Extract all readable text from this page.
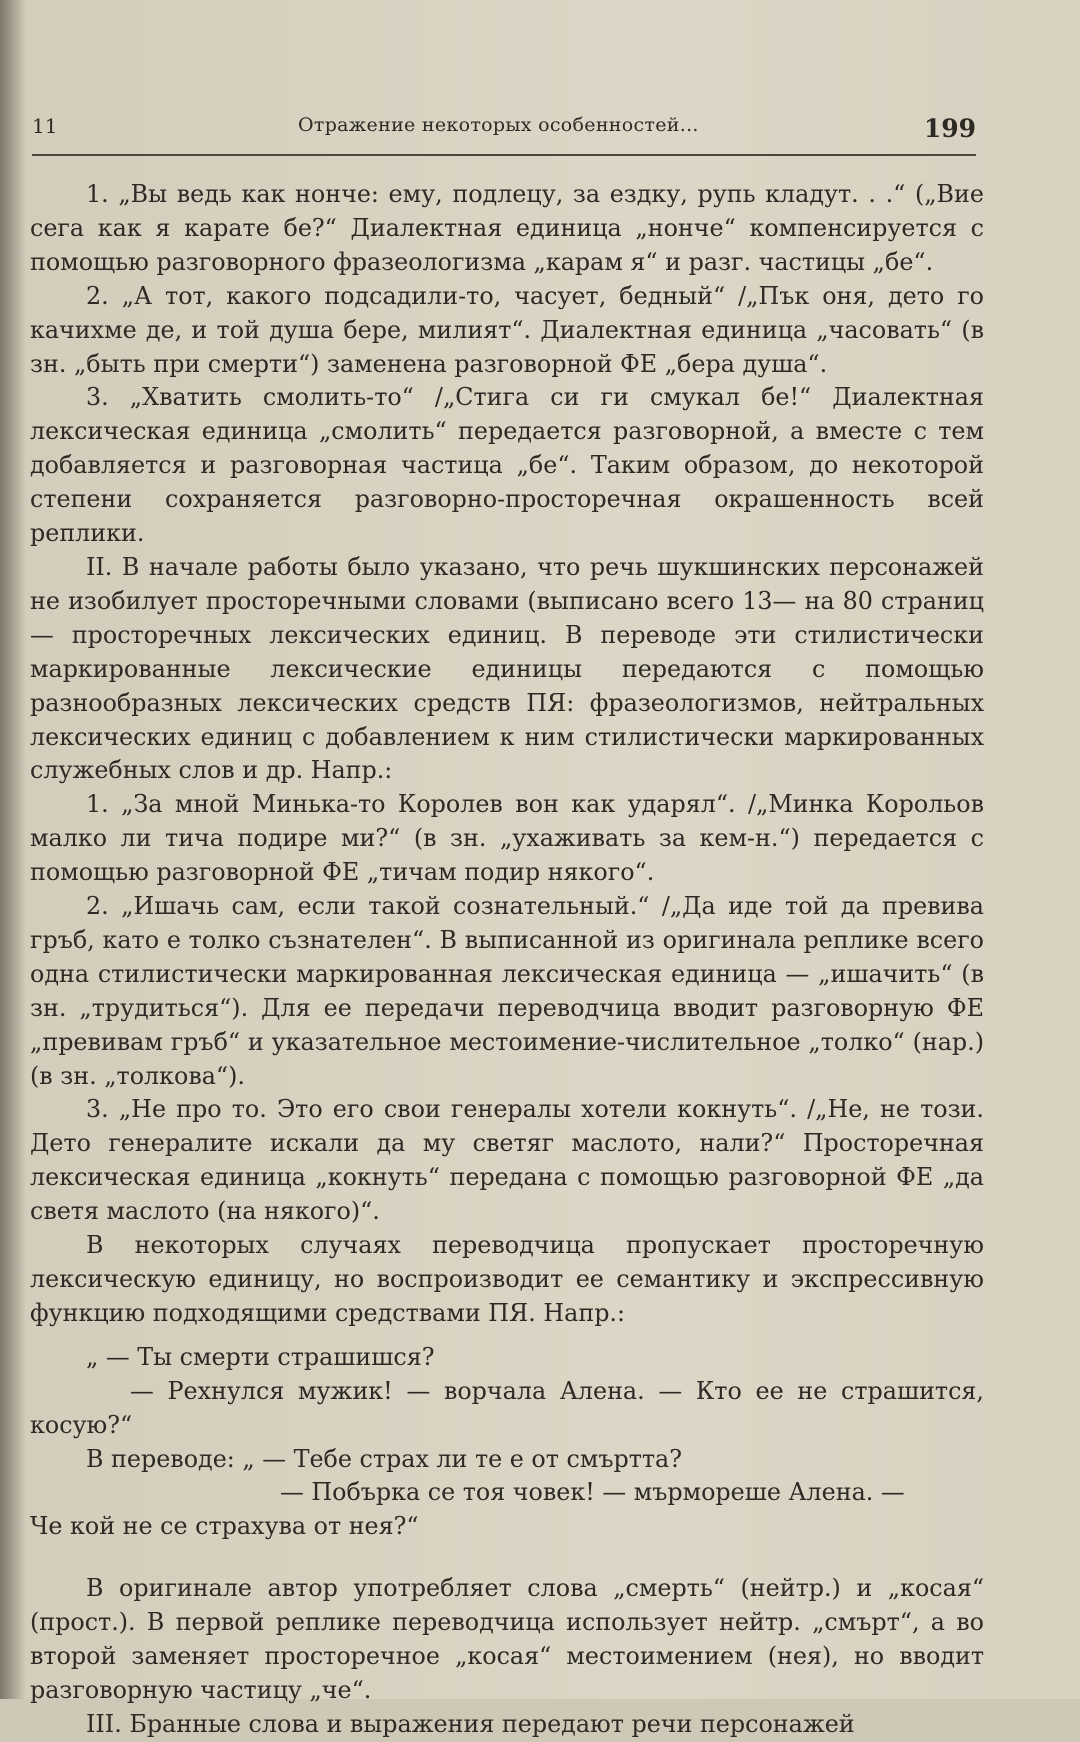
11	Отражение некоторых особенностей...	199

1. „Вы ведь как нонче: ему, подлецу, за ездку, рупь кладут. . .“ („Вие сега как я карате бе?“ Диалектная единица „нонче“ компенсируется с помощью разговорного фразеологизма „карам я“ и разг. частицы „бе“.

2. „А тот, какого подсадили-то, часует, бедный“ /„Пък оня, дето го качихме де, и той душа бере, милият“. Диалектная единица „часовать“ (в зн. „быть при смерти“) заменена разговорной ФЕ „бера душа“.

3. „Хватить смолить-то“ /„Стига си ги смукал бе!“ Диалектная лексическая единица „смолить“ передается разговорной, а вместе с тем добавляется и разговорная частица „бе“. Таким образом, до некоторой степени сохраняется разговорно-просторечная окрашенность всей реплики.

II. В начале работы было указано, что речь шукшинских персонажей не изобилует просторечными словами (выписано всего 13— на 80 страниц — просторечных лексических единиц. В переводе эти стилистически маркированные лексические единицы передаются с помощью разнообразных лексических средств ПЯ: фразеологизмов, нейтральных лексических единиц с добавлением к ним стилистически маркированных служебных слов и др. Напр.:

1. „За мной Минька-то Королев вон как ударял“. /„Минка Корольов малко ли тича подире ми?“ (в зн. „ухаживать за кем-н.“) передается с помощью разговорной ФЕ „тичам подир някого“.

2. „Ишачь сам, если такой сознательный.“ /„Да иде той да превива гръб, като е толко съзнателен“. В выписанной из оригинала реплике всего одна стилистически маркированная лексическая единица — „ишачить“ (в зн. „трудиться“). Для ее передачи переводчица вводит разговорную ФЕ „превивам гръб“ и указательное местоимение-числительное „толко“ (нар.) (в зн. „толкова“).

3. „Не про то. Это его свои генералы хотели кокнуть“. /„Не, не този. Дето генералите искали да му светяг маслото, нали?“ Просторечная лексическая единица „кокнуть“ передана с помощью разговорной ФЕ „да светя маслото (на някого)“.

В некоторых случаях переводчица пропускает просторечную лексическую единицу, но воспроизводит ее семантику и экспрессивную функцию подходящими средствами ПЯ. Напр.:

„ — Ты смерти страшишся?

— Рехнулся мужик! — ворчала Алена. — Кто ее не страшится, косую?“

В переводе: „ — Тебе страх ли те е от смъртта?

— Побърка се тоя човек! — мърмореше Алена. —

Че кой не се страхува от нея?“

В оригинале автор употребляет слова „смерть“ (нейтр.) и „косая“ (прост.). В первой реплике переводчица использует нейтр. „смърт“, а во второй заменяет просторечное „косая“ местоимением (нея), но вводит разговорную частицу „че“.

III. Бранные слова и выражения передают речи персонажей
